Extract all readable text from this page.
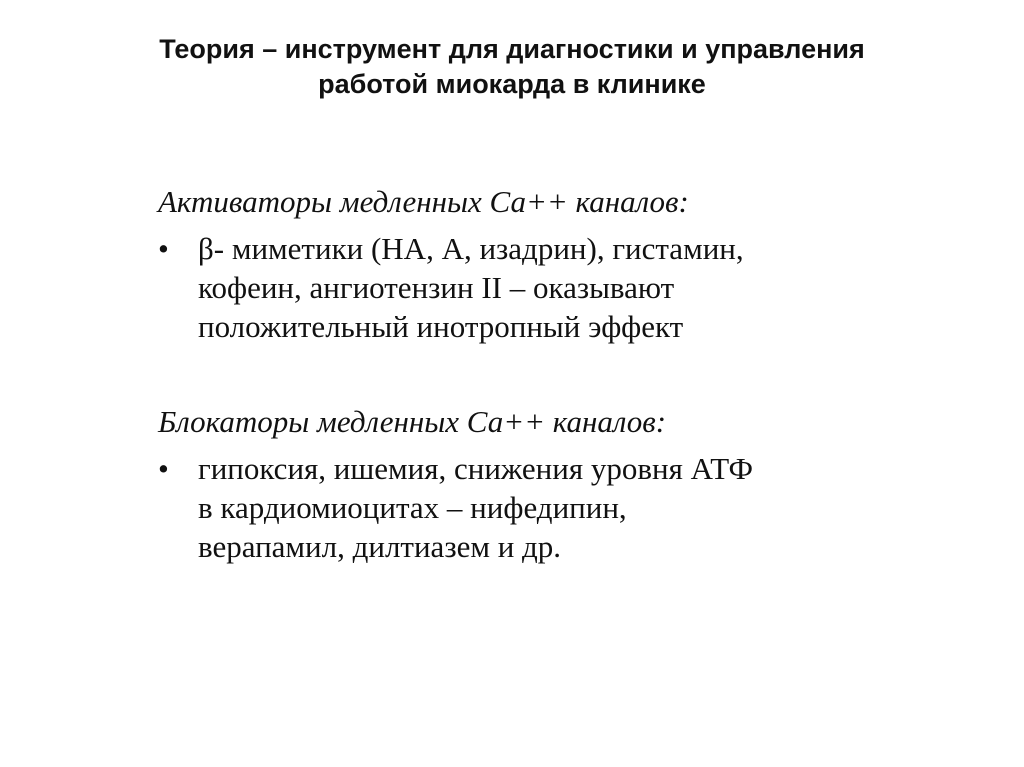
Теория – инструмент для диагностики и управления
работой миокарда в клинике

Активаторы медленных Са++ каналов:

• β- миметики (НА, А, изадрин), гистамин,
кофеин, ангиотензин II – оказывают
положительный инотропный эффект

Блокаторы медленных Са++ каналов:

• гипоксия, ишемия, снижения уровня АТФ
в кардиомиоцитах – нифедипин,
верапамил, дилтиазем и др.
